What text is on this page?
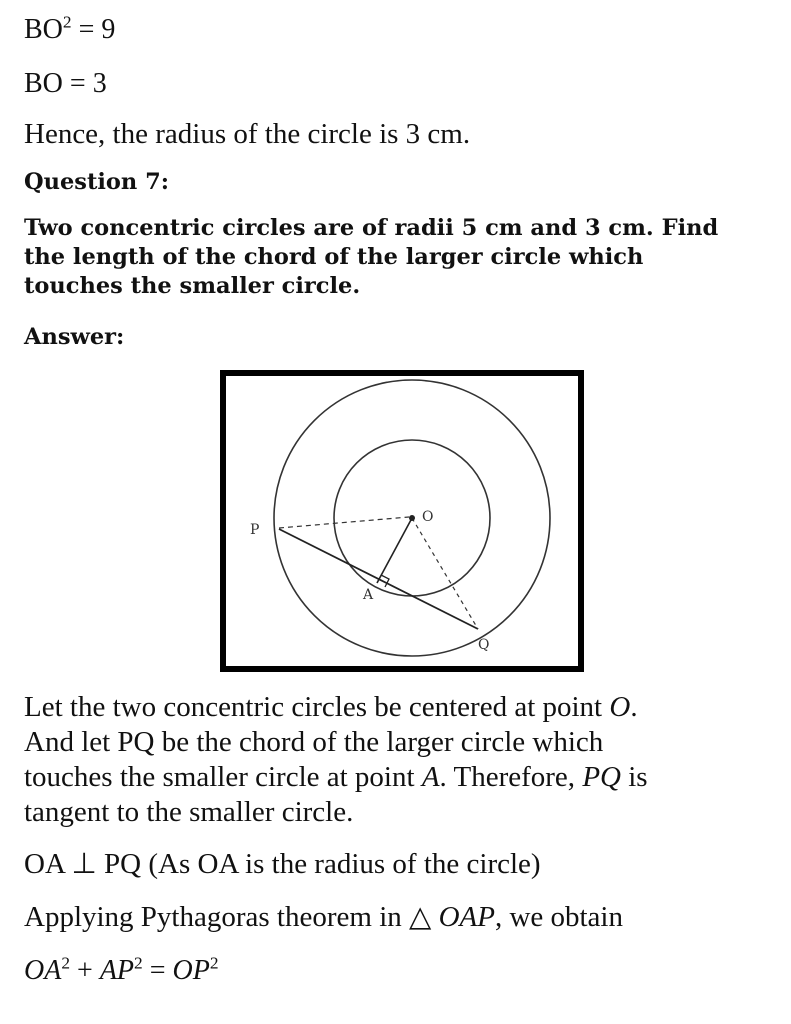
$BO^2 = 9$
BO = 3
Hence, the radius of the circle is 3 cm.
Question 7:
Two concentric circles are of radii 5 cm and 3 cm. Find
the length of the chord of the larger circle which
touches the smaller circle.
Answer:
P
O
A
Q
Let the two concentric circles be centered at point O.
And let PQ be the chord of the larger circle which
touches the smaller circle at point A. Therefore, PQ is
tangent to the smaller circle.
OA ⊥ PQ (As OA is the radius of the circle)
Applying Pythagoras theorem in △ OAP, we obtain
$OA^2 + AP^2 = OP^2$
